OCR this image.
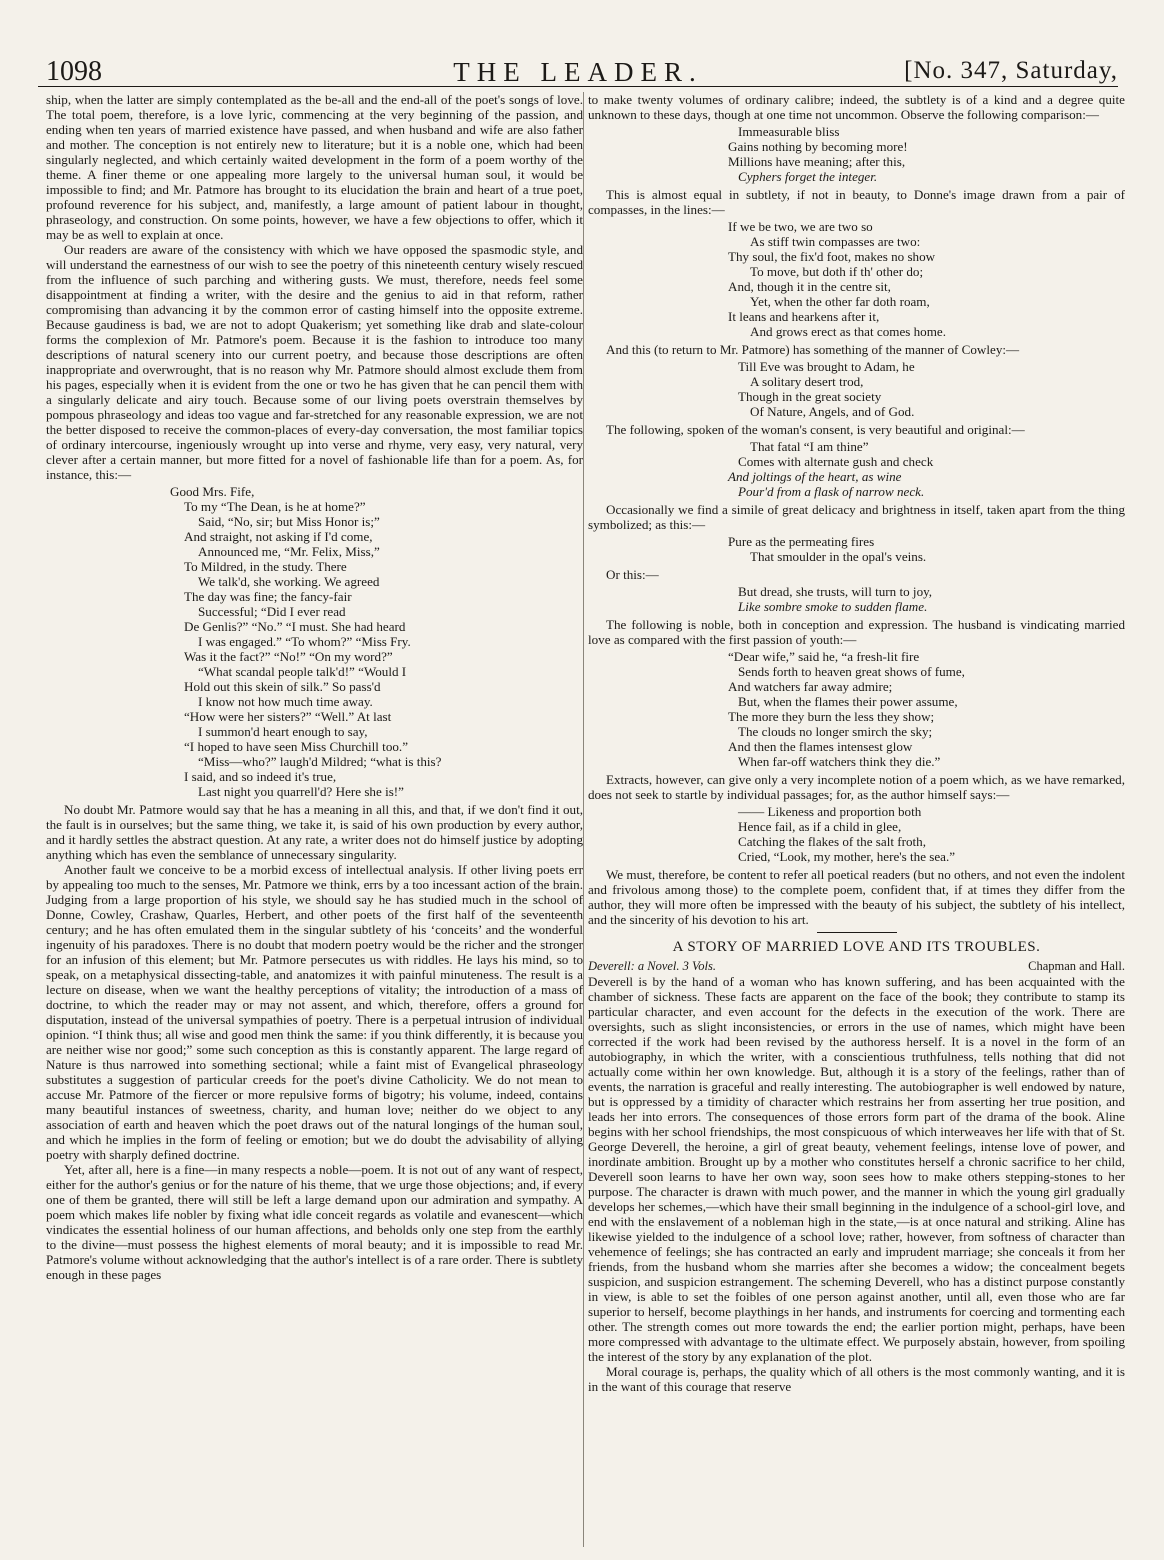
1098	THE LEADER.	[No. 347, Saturday,

ship, when the latter are simply contemplated as the be-all and the end-all of the poet's songs of love. The total poem, therefore, is a love lyric, commencing at the very beginning of the passion, and ending when ten years of married existence have passed, and when husband and wife are also father and mother. The conception is not entirely new to literature; but it is a noble one, which had been singularly neglected, and which certainly waited development in the form of a poem worthy of the theme. A finer theme or one appealing more largely to the universal human soul, it would be impossible to find; and Mr. Patmore has brought to its elucidation the brain and heart of a true poet, profound reverence for his subject, and, manifestly, a large amount of patient labour in thought, phraseology, and construction. On some points, however, we have a few objections to offer, which it may be as well to explain at once.

Our readers are aware of the consistency with which we have opposed the spasmodic style, and will understand the earnestness of our wish to see the poetry of this nineteenth century wisely rescued from the influence of such parching and withering gusts. We must, therefore, needs feel some disappointment at finding a writer, with the desire and the genius to aid in that reform, rather compromising than advancing it by the common error of casting himself into the opposite extreme. Because gaudiness is bad, we are not to adopt Quakerism; yet something like drab and slate-colour forms the complexion of Mr. Patmore's poem. Because it is the fashion to introduce too many descriptions of natural scenery into our current poetry, and because those descriptions are often inappropriate and overwrought, that is no reason why Mr. Patmore should almost exclude them from his pages, especially when it is evident from the one or two he has given that he can pencil them with a singularly delicate and airy touch. Because some of our living poets overstrain themselves by pompous phraseology and ideas too vague and far-stretched for any reasonable expression, we are not the better disposed to receive the common-places of every-day conversation, the most familiar topics of ordinary intercourse, ingeniously wrought up into verse and rhyme, very easy, very natural, very clever after a certain manner, but more fitted for a novel of fashionable life than for a poem. As, for instance, this:—

Good Mrs. Fife,
To my “The Dean, is he at home?”
Said, “No, sir; but Miss Honor is;”
And straight, not asking if I'd come,
Announced me, “Mr. Felix, Miss,”
To Mildred, in the study. There
We talk'd, she working. We agreed
The day was fine; the fancy-fair
Successful; “Did I ever read
De Genlis?” “No.” “I must. She had heard
I was engaged.” “To whom?” “Miss Fry.
Was it the fact?” “No!” “On my word?”
“What scandal people talk'd!” “Would I
Hold out this skein of silk.” So pass'd
I know not how much time away.
“How were her sisters?” “Well.” At last
I summon'd heart enough to say,
“I hoped to have seen Miss Churchill too.”
“Miss—who?” laugh'd Mildred; “what is this?
I said, and so indeed it's true,
Last night you quarrell'd? Here she is!”

No doubt Mr. Patmore would say that he has a meaning in all this, and that, if we don't find it out, the fault is in ourselves; but the same thing, we take it, is said of his own production by every author, and it hardly settles the abstract question. At any rate, a writer does not do himself justice by adopting anything which has even the semblance of unnecessary singularity.

Another fault we conceive to be a morbid excess of intellectual analysis. If other living poets err by appealing too much to the senses, Mr. Patmore we think, errs by a too incessant action of the brain. Judging from a large proportion of his style, we should say he has studied much in the school of Donne, Cowley, Crashaw, Quarles, Herbert, and other poets of the first half of the seventeenth century; and he has often emulated them in the singular subtlety of his ‘conceits’ and the wonderful ingenuity of his paradoxes. There is no doubt that modern poetry would be the richer and the stronger for an infusion of this element; but Mr. Patmore persecutes us with riddles. He lays his mind, so to speak, on a metaphysical dissecting-table, and anatomizes it with painful minuteness. The result is a lecture on disease, when we want the healthy perceptions of vitality; the introduction of a mass of doctrine, to which the reader may or may not assent, and which, therefore, offers a ground for disputation, instead of the universal sympathies of poetry. There is a perpetual intrusion of individual opinion. “I think thus; all wise and good men think the same: if you think differently, it is because you are neither wise nor good;” some such conception as this is constantly apparent. The large regard of Nature is thus narrowed into something sectional; while a faint mist of Evangelical phraseology substitutes a suggestion of particular creeds for the poet's divine Catholicity. We do not mean to accuse Mr. Patmore of the fiercer or more repulsive forms of bigotry; his volume, indeed, contains many beautiful instances of sweetness, charity, and human love; neither do we object to any association of earth and heaven which the poet draws out of the natural longings of the human soul, and which he implies in the form of feeling or emotion; but we do doubt the advisability of allying poetry with sharply defined doctrine.

Yet, after all, here is a fine—in many respects a noble—poem. It is not out of any want of respect, either for the author's genius or for the nature of his theme, that we urge those objections; and, if every one of them be granted, there will still be left a large demand upon our admiration and sympathy. A poem which makes life nobler by fixing what idle conceit regards as volatile and evanescent—which vindicates the essential holiness of our human affections, and beholds only one step from the earthly to the divine—must possess the highest elements of moral beauty; and it is impossible to read Mr. Patmore's volume without acknowledging that the author's intellect is of a rare order. There is subtlety enough in these pages

to make twenty volumes of ordinary calibre; indeed, the subtlety is of a kind and a degree quite unknown to these days, though at one time not uncommon. Observe the following comparison:—

Immeasurable bliss
Gains nothing by becoming more!
Millions have meaning; after this,
Cyphers forget the integer.

This is almost equal in subtlety, if not in beauty, to Donne's image drawn from a pair of compasses, in the lines:—

If we be two, we are two so
As stiff twin compasses are two:
Thy soul, the fix'd foot, makes no show
To move, but doth if th' other do;
And, though it in the centre sit,
Yet, when the other far doth roam,
It leans and hearkens after it,
And grows erect as that comes home.

And this (to return to Mr. Patmore) has something of the manner of Cowley:—

Till Eve was brought to Adam, he
A solitary desert trod,
Though in the great society
Of Nature, Angels, and of God.

The following, spoken of the woman's consent, is very beautiful and original:—

That fatal “I am thine”
Comes with alternate gush and check
And joltings of the heart, as wine
Pour'd from a flask of narrow neck.

Occasionally we find a simile of great delicacy and brightness in itself, taken apart from the thing symbolized; as this:—

Pure as the permeating fires
That smoulder in the opal's veins.

Or this:—

But dread, she trusts, will turn to joy,
Like sombre smoke to sudden flame.

The following is noble, both in conception and expression. The husband is vindicating married love as compared with the first passion of youth:—

“Dear wife,” said he, “a fresh-lit fire
Sends forth to heaven great shows of fume,
And watchers far away admire;
But, when the flames their power assume,
The more they burn the less they show;
The clouds no longer smirch the sky;
And then the flames intensest glow
When far-off watchers think they die.”

Extracts, however, can give only a very incomplete notion of a poem which, as we have remarked, does not seek to startle by individual passages; for, as the author himself says:—

—— Likeness and proportion both
Hence fail, as if a child in glee,
Catching the flakes of the salt froth,
Cried, “Look, my mother, here's the sea.”

We must, therefore, be content to refer all poetical readers (but no others, and not even the indolent and frivolous among those) to the complete poem, confident that, if at times they differ from the author, they will more often be impressed with the beauty of his subject, the subtlety of his intellect, and the sincerity of his devotion to his art.

A STORY OF MARRIED LOVE AND ITS TROUBLES.
Deverell: a Novel. 3 Vols.	Chapman and Hall.

Deverell is by the hand of a woman who has known suffering, and has been acquainted with the chamber of sickness. These facts are apparent on the face of the book; they contribute to stamp its particular character, and even account for the defects in the execution of the work. There are oversights, such as slight inconsistencies, or errors in the use of names, which might have been corrected if the work had been revised by the authoress herself. It is a novel in the form of an autobiography, in which the writer, with a conscientious truthfulness, tells nothing that did not actually come within her own knowledge. But, although it is a story of the feelings, rather than of events, the narration is graceful and really interesting. The autobiographer is well endowed by nature, but is oppressed by a timidity of character which restrains her from asserting her true position, and leads her into errors. The consequences of those errors form part of the drama of the book. Aline begins with her school friendships, the most conspicuous of which interweaves her life with that of St. George Deverell, the heroine, a girl of great beauty, vehement feelings, intense love of power, and inordinate ambition. Brought up by a mother who constitutes herself a chronic sacrifice to her child, Deverell soon learns to have her own way, soon sees how to make others stepping-stones to her purpose. The character is drawn with much power, and the manner in which the young girl gradually develops her schemes,—which have their small beginning in the indulgence of a school-girl love, and end with the enslavement of a nobleman high in the state,—is at once natural and striking. Aline has likewise yielded to the indulgence of a school love; rather, however, from softness of character than vehemence of feelings; she has contracted an early and imprudent marriage; she conceals it from her friends, from the husband whom she marries after she becomes a widow; the concealment begets suspicion, and suspicion estrangement. The scheming Deverell, who has a distinct purpose constantly in view, is able to set the foibles of one person against another, until all, even those who are far superior to herself, become playthings in her hands, and instruments for coercing and tormenting each other. The strength comes out more towards the end; the earlier portion might, perhaps, have been more compressed with advantage to the ultimate effect. We purposely abstain, however, from spoiling the interest of the story by any explanation of the plot.

Moral courage is, perhaps, the quality which of all others is the most commonly wanting, and it is in the want of this courage that reserve
